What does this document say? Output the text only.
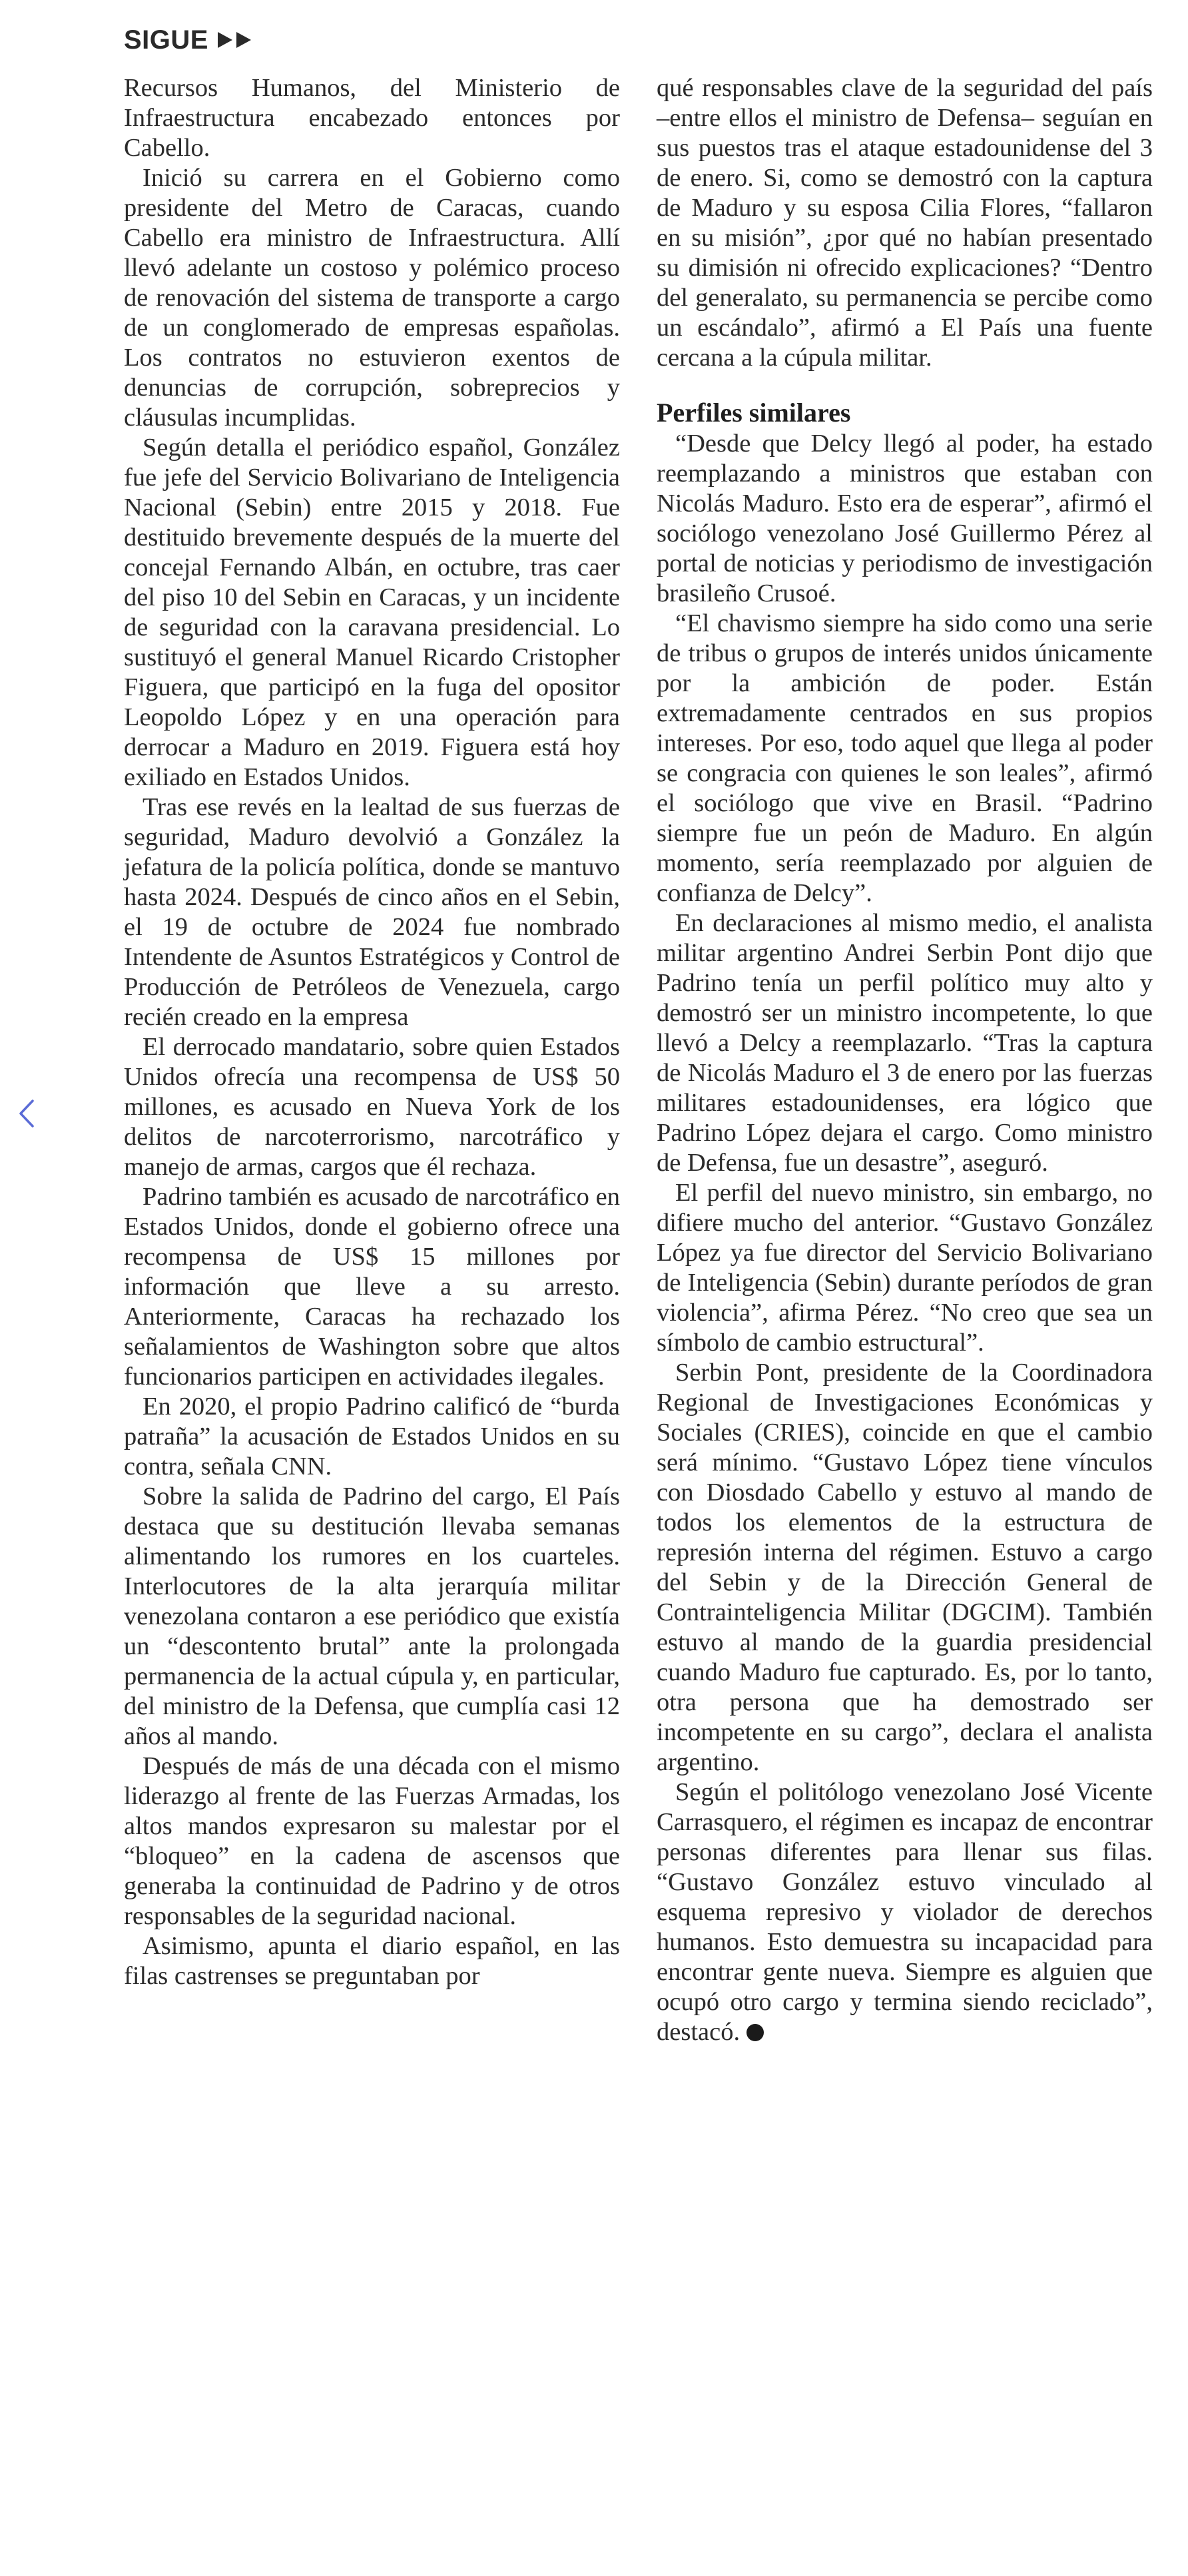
SIGUE

Recursos Humanos, del Ministerio de Infraestructura encabezado entonces por Cabello.

Inició su carrera en el Gobierno como presidente del Metro de Caracas, cuando Cabello era ministro de Infraestructura. Allí llevó adelante un costoso y polémico proceso de renovación del sistema de transporte a cargo de un conglomerado de empresas españolas. Los contratos no estuvieron exentos de denuncias de corrupción, sobreprecios y cláusulas incumplidas.

Según detalla el periódico español, González fue jefe del Servicio Bolivariano de Inteligencia Nacional (Sebin) entre 2015 y 2018. Fue destituido brevemente después de la muerte del concejal Fernando Albán, en octubre, tras caer del piso 10 del Sebin en Caracas, y un incidente de seguridad con la caravana presidencial. Lo sustituyó el general Manuel Ricardo Cristopher Figuera, que participó en la fuga del opositor Leopoldo López y en una operación para derrocar a Maduro en 2019. Figuera está hoy exiliado en Estados Unidos.

Tras ese revés en la lealtad de sus fuerzas de seguridad, Maduro devolvió a González la jefatura de la policía política, donde se mantuvo hasta 2024. Después de cinco años en el Sebin, el 19 de octubre de 2024 fue nombrado Intendente de Asuntos Estratégicos y Control de Producción de Petróleos de Venezuela, cargo recién creado en la empresa

El derrocado mandatario, sobre quien Estados Unidos ofrecía una recompensa de US$ 50 millones, es acusado en Nueva York de los delitos de narcoterrorismo, narcotráfico y manejo de armas, cargos que él rechaza.

Padrino también es acusado de narcotráfico en Estados Unidos, donde el gobierno ofrece una recompensa de US$ 15 millones por información que lleve a su arresto. Anteriormente, Caracas ha rechazado los señalamientos de Washington sobre que altos funcionarios participen en actividades ilegales.

En 2020, el propio Padrino calificó de “burda patraña” la acusación de Estados Unidos en su contra, señala CNN.

Sobre la salida de Padrino del cargo, El País destaca que su destitución llevaba semanas alimentando los rumores en los cuarteles. Interlocutores de la alta jerarquía militar venezolana contaron a ese periódico que existía un “descontento brutal” ante la prolongada permanencia de la actual cúpula y, en particular, del ministro de la Defensa, que cumplía casi 12 años al mando.

Después de más de una década con el mismo liderazgo al frente de las Fuerzas Armadas, los altos mandos expresaron su malestar por el “bloqueo” en la cadena de ascensos que generaba la continuidad de Padrino y de otros responsables de la seguridad nacional.

Asimismo, apunta el diario español, en las filas castrenses se preguntaban por

qué responsables clave de la seguridad del país –entre ellos el ministro de Defensa– seguían en sus puestos tras el ataque estadounidense del 3 de enero. Si, como se demostró con la captura de Maduro y su esposa Cilia Flores, “fallaron en su misión”, ¿por qué no habían presentado su dimisión ni ofrecido explicaciones? “Dentro del generalato, su permanencia se percibe como un escándalo”, afirmó a El País una fuente cercana a la cúpula militar.

Perfiles similares

“Desde que Delcy llegó al poder, ha estado reemplazando a ministros que estaban con Nicolás Maduro. Esto era de esperar”, afirmó el sociólogo venezolano José Guillermo Pérez al portal de noticias y periodismo de investigación brasileño Crusoé.

“El chavismo siempre ha sido como una serie de tribus o grupos de interés unidos únicamente por la ambición de poder. Están extremadamente centrados en sus propios intereses. Por eso, todo aquel que llega al poder se congracia con quienes le son leales”, afirmó el sociólogo que vive en Brasil. “Padrino siempre fue un peón de Maduro. En algún momento, sería reemplazado por alguien de confianza de Delcy”.

En declaraciones al mismo medio, el analista militar argentino Andrei Serbin Pont dijo que Padrino tenía un perfil político muy alto y demostró ser un ministro incompetente, lo que llevó a Delcy a reemplazarlo. “Tras la captura de Nicolás Maduro el 3 de enero por las fuerzas militares estadounidenses, era lógico que Padrino López dejara el cargo. Como ministro de Defensa, fue un desastre”, aseguró.

El perfil del nuevo ministro, sin embargo, no difiere mucho del anterior. “Gustavo González López ya fue director del Servicio Bolivariano de Inteligencia (Sebin) durante períodos de gran violencia”, afirma Pérez. “No creo que sea un símbolo de cambio estructural”.

Serbin Pont, presidente de la Coordinadora Regional de Investigaciones Económicas y Sociales (CRIES), coincide en que el cambio será mínimo. “Gustavo López tiene vínculos con Diosdado Cabello y estuvo al mando de todos los elementos de la estructura de represión interna del régimen. Estuvo a cargo del Sebin y de la Dirección General de Contrainteligencia Militar (DGCIM). También estuvo al mando de la guardia presidencial cuando Maduro fue capturado. Es, por lo tanto, otra persona que ha demostrado ser incompetente en su cargo”, declara el analista argentino.

Según el politólogo venezolano José Vicente Carrasquero, el régimen es incapaz de encontrar personas diferentes para llenar sus filas. “Gustavo González estuvo vinculado al esquema represivo y violador de derechos humanos. Esto demuestra su incapacidad para encontrar gente nueva. Siempre es alguien que ocupó otro cargo y termina siendo reciclado”, destacó.
